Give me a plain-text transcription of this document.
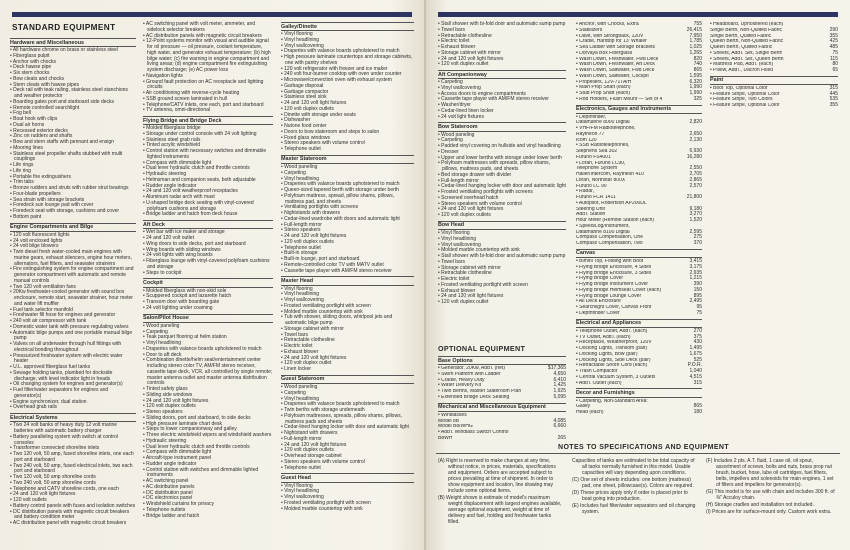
STANDARD EQUIPMENT
Hardware and Miscellaneous
• All hardware chrome on brass or stainless steel
• Fiberglass pulpit
• Anchor with chocks
• Deck hawse pipe
• Six stern chocks
• Bow cleats and chocks
• Stern cleats with hawse pipes
• Deck rail with teak railing, stainless steel stanchions and weather protector
• Boarding gates port and starboard side decks
• Remote controlled searchlight
• Fog bell
• Boat hook with clips
• Dual air horns
• Recessed exterior decks
• Zinc on rudders and shafts
• Bow and stern staffs with pennant and ensign
• Mooring lines
• Stainless steel propeller shafts stubbed with multi couplings
• Life rings
• Life ring
• Portable fire extinguishers
• Trim tabs
• Bronze rudders and struts with rubber strut bearings
• Four-blade propellers
• Sea strain with storage brackets
• Foredeck sun lounge pad with cover
• Foredeck seat with storage, cushions and cover
• Bottom paint
Engine Compartments and Bilge
• 120 volt fluorescent lights
• 24 volt enclosed lights
• 24 volt bilge blowers
• Twin diesel fresh water-cooled main engines with marine gears, exhaust silencers, engine hour meters, alternators, fuel filters, and seawater strainers
• Fire extinguishing system for engine compartment and generator compartment with automatic and remote manual controls
• Two 120 volt ventilation fans
• 20Kw freshwater-cooled generator with sound box enclosure, remote start, seawater strainer, hour meter and water lift muffler
• Fuel tank selector manifold
• Freshwater fill hose for engines and generator
• 240 volt air compressor with tank
• Domestic water tank with pressure regulating valves
• Automatic bilge pumps and one portable manual bilge pump
• Valves on all underwater through hull fittings with electrical bonding throughout
• Pressurized freshwater system with electric water heater
• U.L. approved fiberglass fuel tanks
• Sewage holding tanks, plumbed for dockside discharge, with level indicator light in heads
• Oil changing system for engines and generator(s)
• Fuel filter/water separators for engines and generator(s)
• Engine synchronizer, dual station
• Overhead grab rails
Electrical Systems
• Two 24 volt banks of heavy duty 12 volt marine batteries with automatic battery charger
• Battery paralleling system with switch at control consoles
• Transformer connected shoreline inlets
• Two 120 volt, 50 amp, fused shoreline inlets, one each port and starboard
• Two 240 volt, 50 amp, fused electrical inlets, two each port and starboard
• Two 120 volt, 50 amp shoreline cords
• Two 240 volt, 50 amp shoreline cords
• Telephone and CATV shoreline cords, one each
• 24 and 120 volt light fixtures
• 120 volt outlets
• Battery control panels with fuses and isolation switches
• DC distribution panels with magnetic circuit breakers and battery condition meter
• AC distribution panel with magnetic circuit breakers
• AC switching panel with volt meter, ammeter, and sidelock selector breakers
• AC distribution panels with magnetic circuit breakers
• 12-Point systems monitor with visual and audible signal for oil pressure — oil pressure, coolant temperature, high water, and generator exhaust temperature; (b) high bilge water; (c) fire warning in engine compartment and living areas; (d) engine compartment fire extinguishing system discharge; (e) AC power loss
• Navigation lights
• Ground fault protection on AC receptacle and lighting circuits
• Air conditioning with reverse-cycle heating
• SSB ground screen laminated in hull
• Telephone/CATV inlets, one each, port and starboard
• TV antenna, omni-directional
Flying Bridge and Bridge Deck
• Molded fiberglass bridge
• Storage under control console with 24 volt lighting
• Stainless steel grab rails
• Tinted acrylic windshield
• Control station with necessary switches and dimmable lighted instruments
• Compass with dimmable light
• Dual lever hydraulic clutch and throttle controls
• Hydraulic steering
• Helmsman and companion seats, both adjustable
• Rudder angle indicator
• 24 and 120 volt weatherproof receptacles
• Aluminum radar arch with mast
• U-shaped bridge deck seating with vinyl-covered polyfoam cushions and storage
• Bridge ladder and hatch from deck house
Aft Deck
• Wet bar with ice maker and storage
• 24 and 120 volt outlet
• Wing doors to side decks, port and starboard
• Wing boards with sliding windows
• 24 volt lights with wing boards
• Fiberglass lounge with vinyl-covered polyfoam cushions and storage
• Steps to cockpit
Cockpit
• Molded fiberglass with non-skid sole
• Scuppered cockpit and lazarette hatch
• Transom door with boarding gate
• 24 volt lighting under coaming
Salon/Pilot House
• Wood paneling
• Carpeting
• Teak parquet flooring at helm station
• Vinyl headlining
• Draperies with valance boards upholstered to match
• Door to aft deck
• Combination dinette/helm seat/entertainment center including stereo color TV, AM/FM stereo receiver, cassette tape deck, VCR, all controlled by single remote; master antenna outlet and master antenna distribution controls
• Tinted safety glass
• Sliding side windows
• 24 and 120 volt light fixtures
• 120 volt duplex outlets
• Stereo speakers
• Sliding doors, port and starboard, to side decks
• High pressure laminate chart desk
• Steps to lower companionway and galley
• Three electric windshield wipers and windshield washers
• Hydraulic steering
• Dual lever hydraulic clutch and throttle controls
• Compass with dimmable light
• Aircraft-type instrument panel
• Rudder angle indicator
• Control station with switches and dimmable lighted instruments
• AC switching panel
• AC distribution panels
• DC distribution panel
• DC electronics panel
• Windshield curtains for privacy
• Telephone outlets
• Bridge ladder and hatch
Galley/Dinette
• Vinyl flooring
• Vinyl headlining
• Vinyl wallcovering
• Draperies with valance boards upholstered to match
• High pressure laminate countertops and storage cabinets, one with pantry shelves
• 120 volt refrigerator with freezer and ice maker
• 240 volt four-burner cooktop with oven under counter
• Microwave/convection oven with exhaust system
• Garbage disposal
• Garbage compactor
• Stainless steel sink
• 24 and 120 volt light fixtures
• 120 volt duplex outlets
• Dinette with storage under seats
• Dishwasher
• Nutone food center
• Doors to bow stateroom and steps to salon
• Fixed glass windows
• Stereo speakers with volume control
• Telephone outlet
Master Stateroom
• Wood paneling
• Carpeting
• Vinyl headlining
• Draperies with valance boards upholstered to match
• Queen-sized tapered berth with storage under berth
• Polyfoam mattress, spread, pillow shams, pillows, mattress pad, and sheets
• Ventilating portlights with screens
• Nightstands with drawers
• Cedar-lined wardrobe with doors and automatic light
• Full-length mirror
• Stereo speakers
• 24 and 120 volt light fixtures
• 120 volt duplex outlets
• Telephone outlet
• Built-in storage
• Built-in lounge, port and starboard
• Remote-controlled color TV with MATV outlet
• Cassette tape player with AM/FM stereo receiver
Master Head
• Vinyl flooring
• Vinyl headlining
• Vinyl wallcovering
• Frosted ventilating portlight with screen
• Molded marble countertop with sink
• Tub with shower, sliding doors, whirlpool jets and automatic bilge pump
• Storage cabinet with mirror
• Towel bars
• Retractable clothesline
• Electric toilet
• Exhaust blower
• 24 and 120 volt light fixtures
• 120 volt duplex outlet
• Linen locker
Guest Stateroom
• Wood paneling
• Carpeting
• Vinyl headlining
• Draperies with valance boards upholstered to match
• Twin berths with storage underneath
• Polyfoam mattresses, spreads, pillow shams, pillows, mattress pads and sheets
• Cedar-lined hanging locker with door and automatic light
• Nightstand with drawers
• Full-length mirror
• 24 and 120 volt light fixtures
• 120 volt duplex outlets
• Overhead storage cabinet
• Stereo speakers with volume control
• Telephone outlet
Guest Head
• Vinyl flooring
• Vinyl headlining
• Vinyl wallcovering
• Frosted ventilating portlight with screen
• Molded marble countertop with sink
• Stall shower with bi-fold door and automatic sump pump
• Towel bars
• Retractable clothesline
• Electric toilet
• Exhaust blower
• Storage cabinet with mirror
• 24 and 120 volt light fixtures
• 120 volt duplex outlet
Aft Companionway
• Carpeting
• Vinyl wallcovering
• Access doors to engine compartments
• Cassette tape player with AM/FM stereo receiver
• Washer/dryer
• Cedar-lined linen locker
• 24 volt light fixtures
Bow Stateroom
• Wood paneling
• Carpeting
• Padded vinyl covering on hullside and vinyl headlining
• Dresser
• Upper and lower berths with storage under lower berth
• Polyfoam mattresses with spreads, pillow shams, pillows, mattress pads, and sheets
• Bed storage drawer with divider
• Full-length mirror
• Cedar-lined hanging locker with door and automatic light
• Frosted ventilating portlights with screens
• Screened overhead hatch
• Stereo speakers with volume control
• 24 and 120 volt light fixtures
• 120 volt duplex outlets
Bow Head
• Vinyl flooring
• Vinyl headlining
• Vinyl wallcovering
• Molded marble countertop with sink
• Stall shower with bi-fold door and automatic sump pump
• Towel bars
• Storage cabinet with mirror
• Retractable clothesline
• Electric toilet
• Frosted ventilating portlight with screen
• Exhaust blower
• 24 and 120 volt light fixtures
• 120 volt duplex outlet
OPTIONAL EQUIPMENT
Base Options
• Generator, 20Kw, Add'l. (net)	$17,365
• Swim Platform with Ladder	4,650
• Cradle, Heavy Duty	6,410
• Water Delivery Kit	1,425
• Twin Berths, Master Stateroom Plan	1,925
• Extended Bridge Deck Seating	5,095
Mechanical and Miscellaneous Equipment
• Windlasses
Model 8B	4,085
Model B8/WHG	6,660
• Add'l. Windlass Switch Control
B8WH	265
• Anchor, with Chocks, Extra	755
• Stabilizers	26,415
• Davit, with Strongback, 120V	7,950
• Cradle, Hardtop for 13' Whaler	1,785
• Sea Ladder with Storage Brackets	1,025
• Dorvaya Box Fiberglass	1,265
• Wash Down, Freshwater, Fwd Deck	820
• Wash Down, Freshwater, Aft Deck	740
• Wash Down, Saltwater, Fwd Deck	865
• Wash Down, Saltwater, Cockpit	1,595
• Propellers, 12V-71TA/H	6,320
• Main Prop Shaft (each)	1,990
• Stub Prop Shaft (each)	1,990
• Rod Holders, Flush Mount — Set of 4	325
Electronics, Gauges and Instruments
• Depthfinder,
Datamarine 8000 Digital	2,820
• VHF/FM Radiotelephone,
Raytheon 77	2,650
Icom 120	2,130
• SSB Radiotelephones,
Stephens Sea 302	6,930
Furuno FS4001	16,280
• Loran, Furuno LC90,
Telephone System	2,550
Hailer/Intercom, Raytheon 410	2,705
Loran, Northstar 800X	2,865
Furuno LC 90	2,570
• Radar,
Furuno FCR 1411	21,800
• Autopilot, Robertson AP200DL
Steering Unit	9,180
Add'l. Station	3,270
Hour Meter (Remote Station (each)	1,520
• Speed/Log/Instrument,
Datamarine 8100 Digital	2,595
Compass Compensation, One	275
Compass Compensation, Two	370
Canvas
• Bimini Top, Folding with Boot	3,415
• Flying Bridge Enclosure, 4 Sides	3,175
• Flying Bridge Enclosure, 3 Sides	2,935
• Flying Bridge Cover	1,215
• Flying Bridge Instrument Cover	390
• Flying Bridge Helmseat Cover (each)	150
• Flying Bridge Lounge Cover	895
• All Deck Enclosure	2,495
• Searchlight Cover, Canvas Front	95
• Depthfinder Cover	75
Electrical and Appliances
• Telephone Outlet, Add'l. (each)	270
• TV Outlet, Add'l. (each)	375
• Receptacle, Weatherproof, 120V	430
• Docking Lights, Transom (pair)	1,495
• Docking Lights, Bow (pair)	1,675
• Docking Lights, Side Deck (pair)	525
• Retractable Shore Cord (each)	P.O.R.
• Trash Compactor	1,040
• Central Vacuum System, 3 Outlets	4,515
• Add'l. Outlet (each)	315
Decor and Furnishings
• Carpeting, Non-Standard Area:
Galley	865
Head (each)	180
• Headboard, Upholstered (each)
Single Berth, Non-Quilted Fabric	290
Single Berth, Quilted Fabric	355
Queen Berth, Non-Quilted Fabric	425
Queen Berth, Quilted Fabric	485
• Sheets, Add'l. Set, Single Berth	75
• Sheets, Add'l. Set, Queen Berth	115
• Mattress Pad, Add'l. (each)	80
• Pillow, Add'l., Dacron Filled	65
Paint
• Boot Top, Optional Color	315
• Feature Stripe, Optional Color	445
• Feature Stripe, Two Colors	535
• Feature Stripe, Optional Color	355
NOTES TO SPECIFICATIONS AND EQUIPMENT
(A) Right is reserved to make changes at any time, without notice, in prices, materials, specifications and equipment. Orders are accepted subject to prices prevailing at time of shipment. In order to show equipment and location, line drawing may include some optional items.
(B) Weight shown is estimate of model's maximum weight displacement with largest engines available, average optional equipment, weight at time of delivery and fuel, holding and freshwater tanks filled.
Capacities of tanks are estimated to be total capacity of all tanks normally furnished in this model. Usable capacities will vary depending upon conditions.
(C) One set of sheets includes: one bottom (mattress) pad, one sheet, pillowcase(s). Colors are required.
(D) These prices apply only if order is placed prior to boat going into production.
(E) Includes fuel filter/water separators and oil changing system.
(F) Includes 2 pts. A.T. fluid, 1 case oil, oil spout, assortment of screws, bolts and nuts, brass prop nut brush, bucket, hose, lube oil cartridges, fuel filters, belts, impellers and solenoids for main engines, 1 set of filters and impellers for generator(s).
(G) This model is for use with chain and includes 300 ft. of ⅜" Acculoy chain.
(H) Storage cradles and installation not included.
(I) Prices are for surface-mount only. Custom work extra.
